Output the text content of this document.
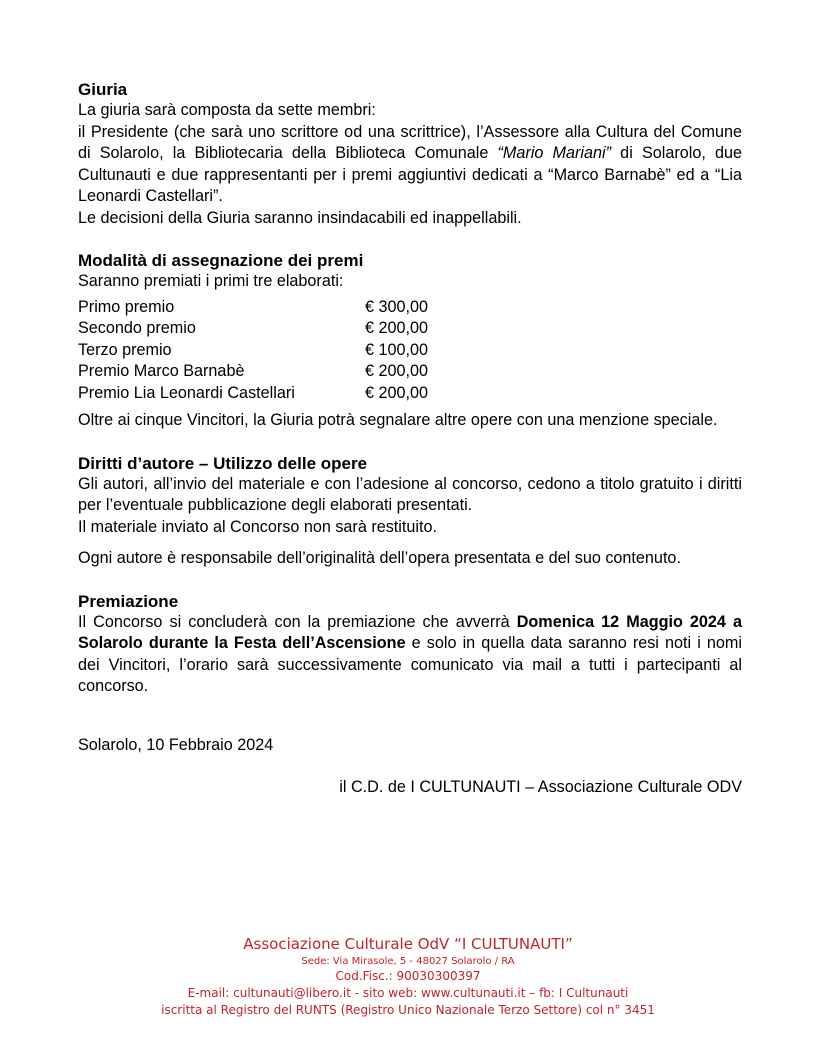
Giuria

La giuria sarà composta da sette membri:

il Presidente (che sarà uno scrittore od una scrittrice), l’Assessore alla Cultura del Comune di Solarolo, la Bibliotecaria della Biblioteca Comunale “Mario Mariani” di Solarolo, due Cultunauti e due rappresentanti per i premi aggiuntivi dedicati a “Marco Barnabè” ed a “Lia Leonardi Castellari”.

Le decisioni della Giuria saranno insindacabili ed inappellabili.

Modalità di assegnazione dei premi

Saranno premiati i primi tre elaborati:

Primo premio	€ 300,00
Secondo premio	€ 200,00
Terzo premio	€ 100,00
Premio Marco Barnabè	€ 200,00
Premio Lia Leonardi Castellari	€ 200,00

Oltre ai cinque Vincitori, la Giuria potrà segnalare altre opere con una menzione speciale.

Diritti d’autore – Utilizzo delle opere

Gli autori, all’invio del materiale e con l’adesione al concorso, cedono a titolo gratuito i diritti per l’eventuale pubblicazione degli elaborati presentati.

Il materiale inviato al Concorso non sarà restituito.

Ogni autore è responsabile dell’originalità dell’opera presentata e del suo contenuto.

Premiazione

Il Concorso si concluderà con la premiazione che avverrà Domenica 12 Maggio 2024 a Solarolo durante la Festa dell’Ascensione e solo in quella data saranno resi noti i nomi dei Vincitori, l’orario sarà successivamente comunicato via mail a tutti i partecipanti al concorso.

Solarolo, 10 Febbraio 2024

il C.D. de I CULTUNAUTI – Associazione Culturale ODV

Associazione Culturale OdV “I CULTUNAUTI”
Sede: Via Mirasole, 5 - 48027 Solarolo / RA
Cod.Fisc.: 90030300397
E-mail: cultunauti@libero.it - sito web: www.cultunauti.it – fb: I Cultunauti
iscritta al Registro del RUNTS (Registro Unico Nazionale Terzo Settore) col n° 3451
